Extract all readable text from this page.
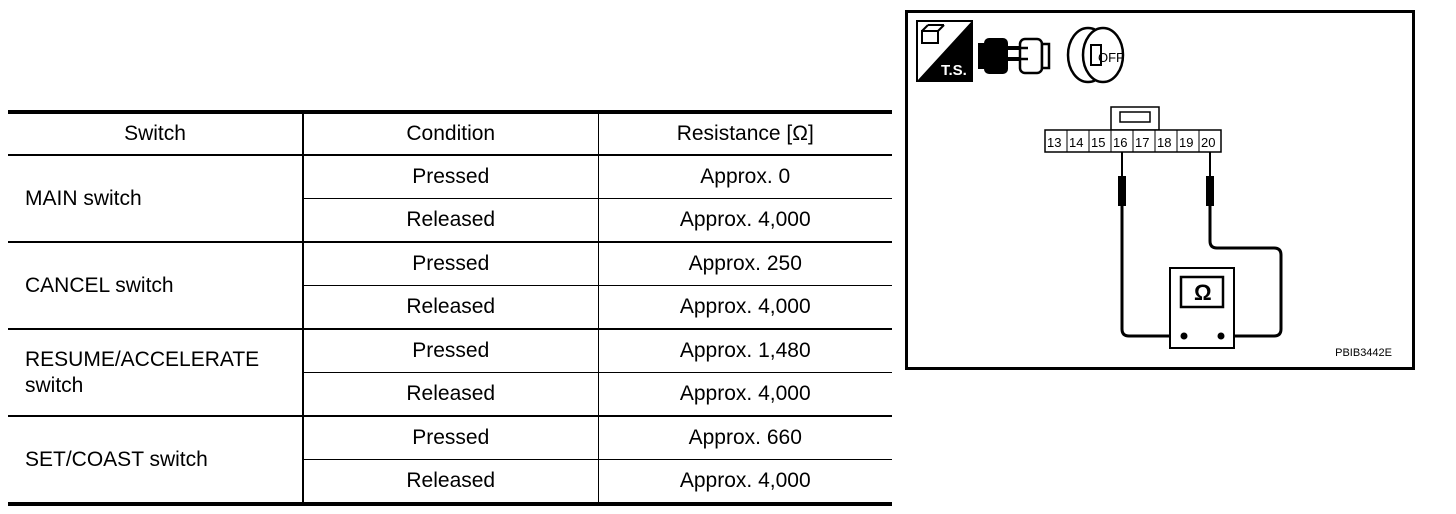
Switch	Condition	Resistance [Ω]
MAIN switch	Pressed	Approx. 0
	Released	Approx. 4,000
CANCEL switch	Pressed	Approx. 250
	Released	Approx. 4,000
RESUME/ACCELERATE
switch	Pressed	Approx. 1,480
	Released	Approx. 4,000
SET/COAST switch	Pressed	Approx. 660
	Released	Approx. 4,000
T.S.
OFF
13 14 15 16 17 18 19 20
Ω
PBIB3442E
